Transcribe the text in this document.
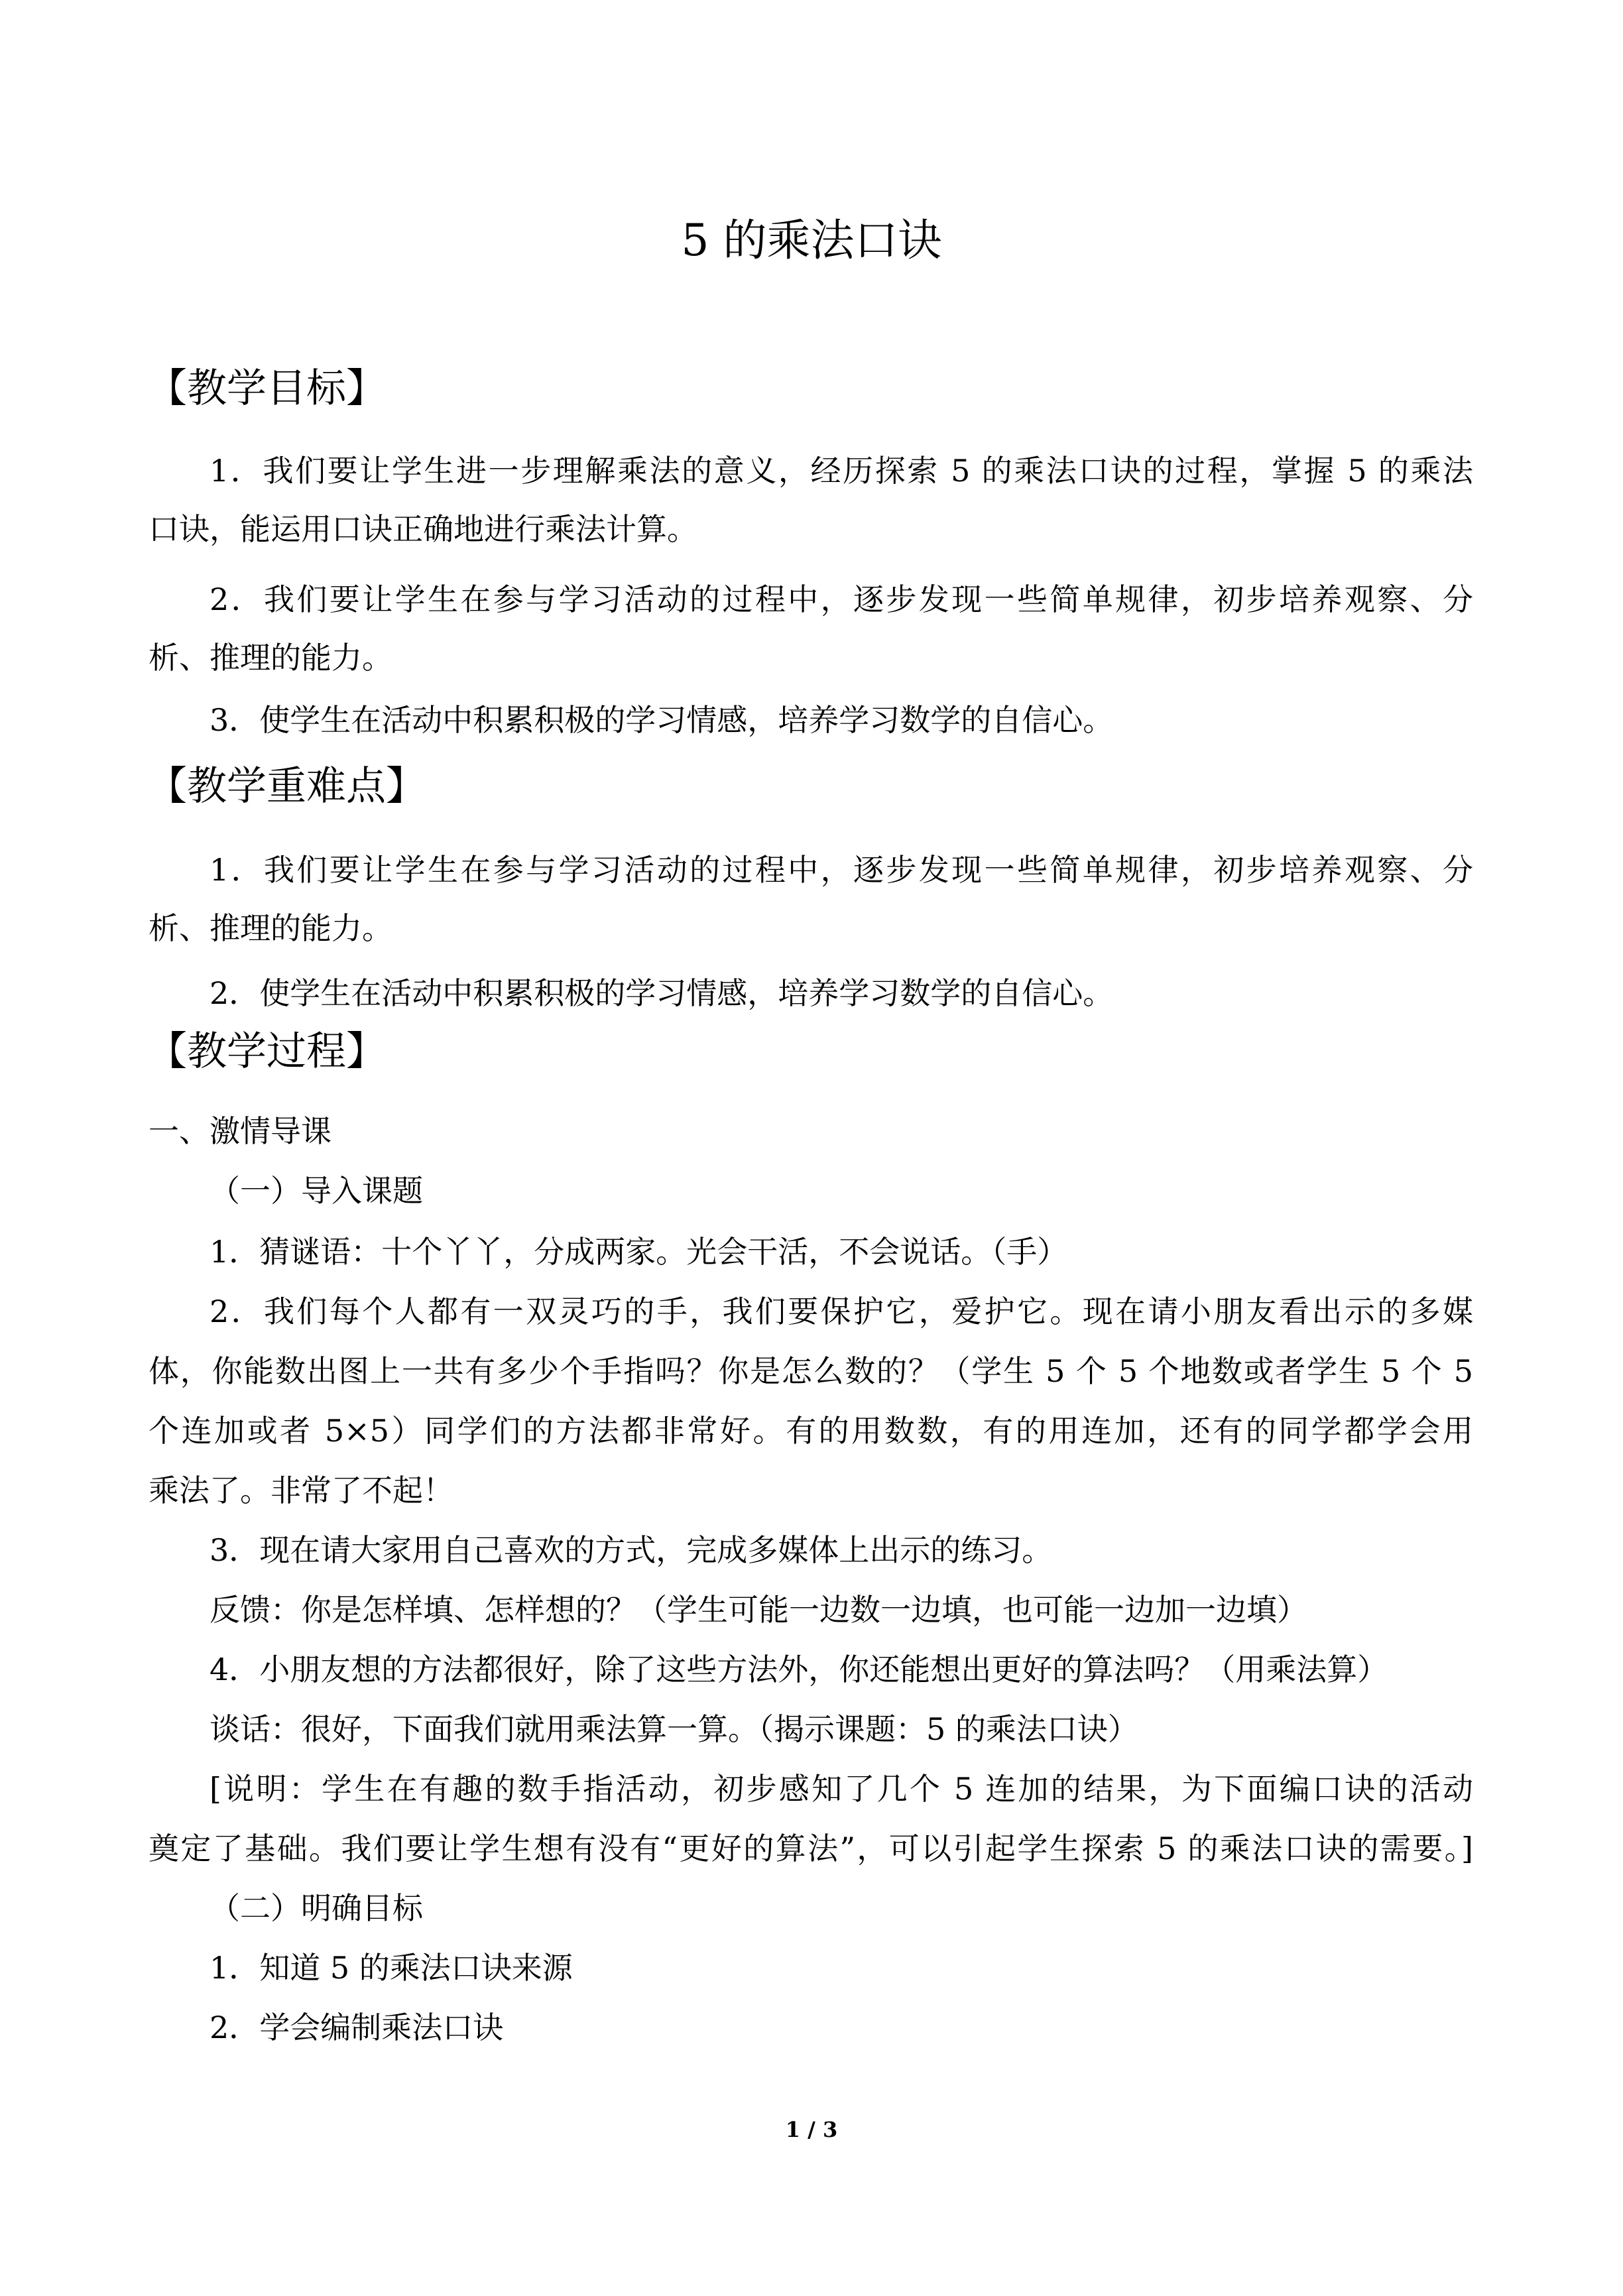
5 的乘法口诀
【教学目标】
1．我们要让学生进一步理解乘法的意义，经历探索 5 的乘法口诀的过程，掌握 5 的乘法
口诀，能运用口诀正确地进行乘法计算。
2．我们要让学生在参与学习活动的过程中，逐步发现一些简单规律，初步培养观察、分
析、推理的能力。
3．使学生在活动中积累积极的学习情感，培养学习数学的自信心。
【教学重难点】
1．我们要让学生在参与学习活动的过程中，逐步发现一些简单规律，初步培养观察、分
析、推理的能力。
2．使学生在活动中积累积极的学习情感，培养学习数学的自信心。
【教学过程】
一、激情导课
（一）导入课题
1．猜谜语：十个丫丫，分成两家。光会干活，不会说话。（手）
2．我们每个人都有一双灵巧的手，我们要保护它，爱护它。现在请小朋友看出示的多媒
体，你能数出图上一共有多少个手指吗？你是怎么数的？（学生 5 个 5 个地数或者学生 5 个 5
个连加或者 5×5）同学们的方法都非常好。有的用数数，有的用连加，还有的同学都学会用
乘法了。非常了不起！
3．现在请大家用自己喜欢的方式，完成多媒体上出示的练习。
反馈：你是怎样填、怎样想的？（学生可能一边数一边填，也可能一边加一边填）
4．小朋友想的方法都很好，除了这些方法外，你还能想出更好的算法吗？（用乘法算）
谈话：很好，下面我们就用乘法算一算。（揭示课题：5 的乘法口诀）
[说明：学生在有趣的数手指活动，初步感知了几个 5 连加的结果，为下面编口诀的活动
奠定了基础。我们要让学生想有没有“更好的算法”，可以引起学生探索 5 的乘法口诀的需要。]
（二）明确目标
1．知道 5 的乘法口诀来源
2．学会编制乘法口诀
1 / 3
